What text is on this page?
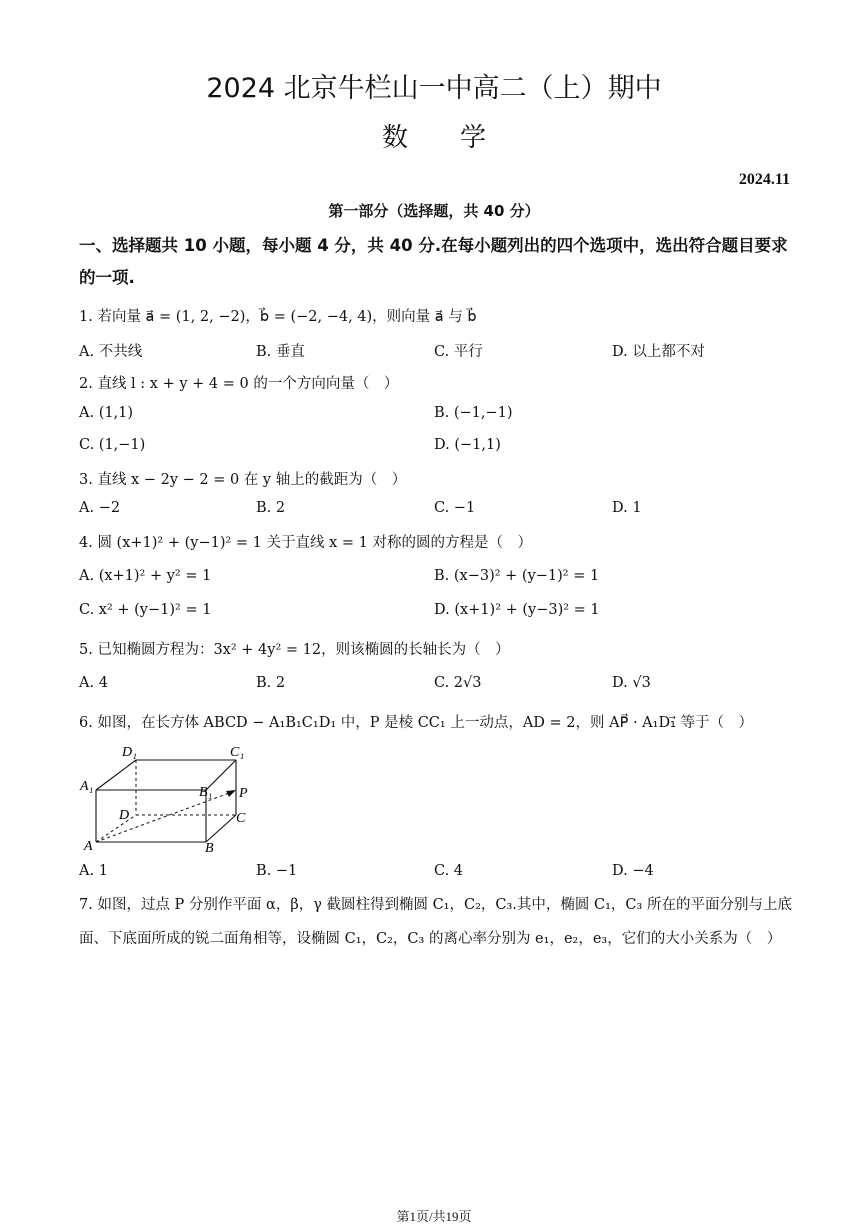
2024 北京牛栏山一中高二（上）期中
数　　学
2024.11
第一部分（选择题，共 40 分）
一、选择题共 10 小题，每小题 4 分，共 40 分.在每小题列出的四个选项中，选出符合题目要求的一项.
1. 若向量 a⃗ = (1, 2, −2)，b⃗ = (−2, −4, 4)，则向量 a⃗ 与 b⃗
A. 不共线	B. 垂直	C. 平行	D. 以上都不对
2. 直线 l : x + y + 4 = 0 的一个方向向量（　）
A. (1,1)	B. (−1,−1)
C. (1,−1)	D. (−1,1)
3. 直线 x − 2y − 2 = 0 在 y 轴上的截距为（　）
A. −2	B. 2	C. −1	D. 1
4. 圆 (x+1)² + (y−1)² = 1 关于直线 x = 1 对称的圆的方程是（　）
A. (x+1)² + y² = 1	B. (x−3)² + (y−1)² = 1
C. x² + (y−1)² = 1	D. (x+1)² + (y−3)² = 1
5. 已知椭圆方程为：3x² + 4y² = 12，则该椭圆的长轴长为（　）
A. 4	B. 2	C. 2√3	D. √3
6. 如图，在长方体 ABCD − A₁B₁C₁D₁ 中，P 是棱 CC₁ 上一动点，AD = 2，则 AP⃗ · A₁D₁⃗ 等于（　）
D₁	C₁
A₁	B₁ P
D	C
A	B
A. 1	B. −1	C. 4	D. −4
7. 如图，过点 P 分别作平面 α，β，γ 截圆柱得到椭圆 C₁，C₂，C₃.其中，椭圆 C₁，C₃ 所在的平面分别与上底面、下底面所成的锐二面角相等，设椭圆 C₁，C₂，C₃ 的离心率分别为 e₁，e₂，e₃，它们的大小关系为（　）
第1页/共19页
